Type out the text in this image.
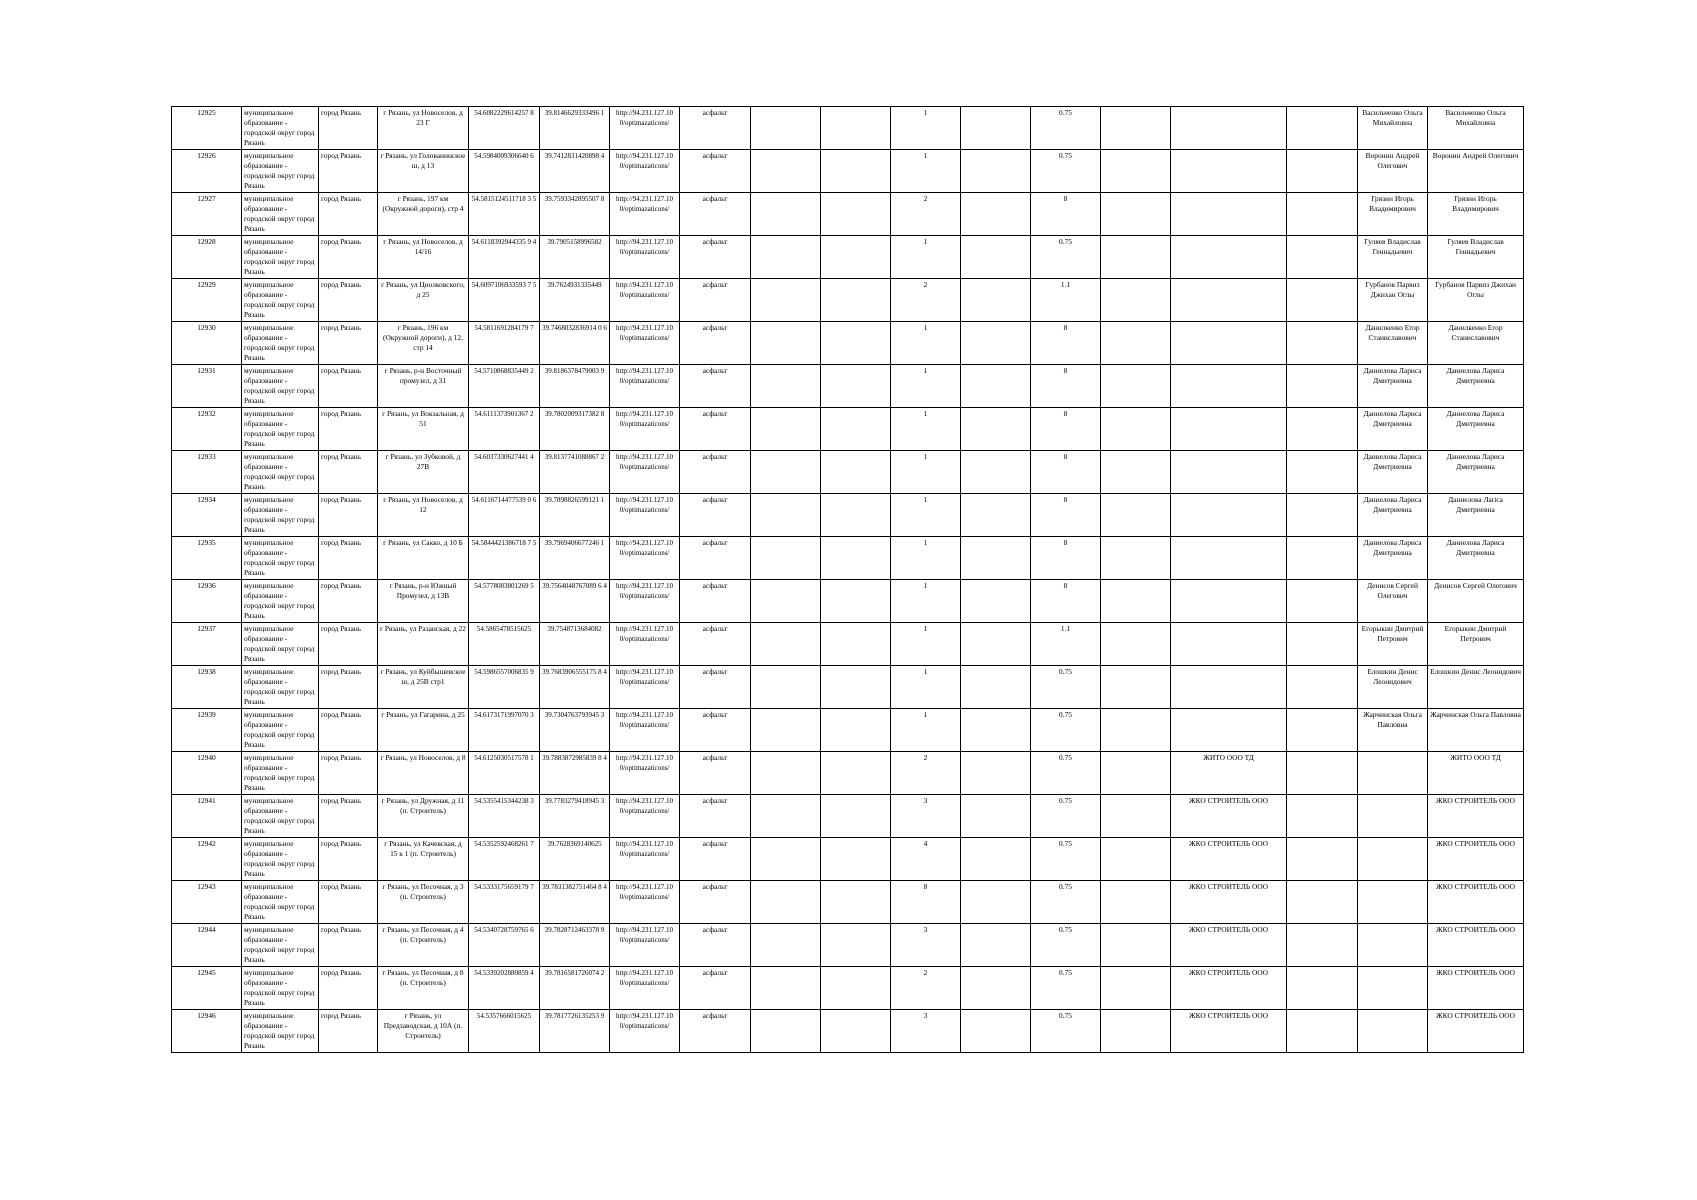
12925	муниципальное образование - городской округ город Рязань	город Рязань	г Рязань, ул Новоселов, д 23 Г	54.6082229614257 8	39.8146629333496 1	http://94.231.127.10 0/optimazaticons/	асфальт			1		0.75				Васильченко Ольга Михайловна	Васильченко Ольга Михайловна
12926	муниципальное образование - городской округ город Рязань	город Рязань	г Рязань, ул Голованинское ш, д 13	54.5984009306640 6	39.7412831420898 4	http://94.231.127.10 0/optimazaticons/	асфальт			1		0.75				Воронин Андрей Олегович	Воронин Андрей Олегович
12927	муниципальное образование - городской округ город Рязань	город Рязань	г Рязань, 197 км (Окружной дороги), стр 4	54.5815124511718 3 5	39.7593342895507 8	http://94.231.127.10 0/optimazaticons/	асфальт			2		8				Грязин Игорь Владимирович	Грязин Игорь Владимирович
12928	муниципальное образование - городской округ город Рязань	город Рязань	г Рязань, ул Новоселов, д 14/16	54.6118392944335 9 4	39.7905158996582	http://94.231.127.10 0/optimazaticons/	асфальт			1		0.75				Гуляев Владислав Геннадьевич	Гуляев Владислав Геннадьевич
12929	муниципальное образование - городской округ город Рязань	город Рязань	г Рязань, ул Циолковского, д 25	54.6097106933593 7 5	39.7624931335449	http://94.231.127.10 0/optimazaticons/	асфальт			2		1.1				Гурбанов Парвиз Джихан Оглы	Гурбанов Парвиз Джихан Оглы
12930	муниципальное образование - городской округ город Рязань	город Рязань	г Рязань, 196 км (Окружной дороги), д 12, стр 14	54.5811691284179 7	39.7468032836914 0 6	http://94.231.127.10 0/optimazaticons/	асфальт			1		8				Данилкенко Егор Станиславович	Данилкенко Егор Станиславович
12931	муниципальное образование - городской округ город Рязань	город Рязань	г Рязань, р-н Восточный промузел, д 31	54.5710868835449 2	39.8186378479003 9	http://94.231.127.10 0/optimazaticons/	асфальт			1		8				Даниелова Лариса Дмитриевна	Даниелова Лариса Дмитриевна
12932	муниципальное образование - городской округ город Рязань	город Рязань	г Рязань, ул Вокзальная, д 51	54.6111373901367 2	39.7802009317382 8	http://94.231.127.10 0/optimazaticons/	асфальт			1		8				Даниелова Лариса Дмитриевна	Даниелова Лариса Дмитриевна
12933	муниципальное образование - городской округ город Рязань	город Рязань	г Рязань, ул Зубковой, д 27В	54.6037330627441 4	39.8137741088867 2	http://94.231.127.10 0/optimazaticons/	асфальт			1		8				Даниелова Лариса Дмитриевна	Даниелова Лариса Дмитриевна
12934	муниципальное образование - городской округ город Рязань	город Рязань	г Рязань, ул Новоселов, д 12	54.6116714477539 0 6	39.7898826599121 1	http://94.231.127.10 0/optimazaticons/	асфальт			1		8				Даниелова Лариса Дмитриевна	Даниелова Лariса Дмитриевна
12935	муниципальное образование - городской округ город Рязань	город Рязань	г Рязань, ул Сакко, д 10 Б	54.5844421386718 7 5	39.7969406677246 1	http://94.231.127.10 0/optimazaticons/	асфальт			1		8				Даниелова Лариса Дмитриевна	Даниелова Лариса Дмитриевна
12936	муниципальное образование - городской округ город Рязань	город Рязань	г Рязань, р-н Южный Промузел, д 13В	54.5778083801269 5	39.7564048767089 6 4	http://94.231.127.10 0/optimazaticons/	асфальт			1		8				Денисов Сергей Олегович	Денисов Сергей Олегович
12937	муниципальное образование - городской округ город Рязань	город Рязань	г Рязань, ул Разанская, д 22	54.5865478515625	39.7548713684082	http://94.231.127.10 0/optimazaticons/	асфальт			1		1.1				Егорыкин Дмитрий Петрович	Егорыкин Дмитрий Петрович
12938	муниципальное образование - городской округ город Рязань	город Рязань	г Рязань, ул Куйбышевское ш, д 25В стр1	54.5986557006835 9	39.7683906555175 8 4	http://94.231.127.10 0/optimazaticons/	асфальт			1		0.75				Елошкин Денис Леонидович	Елошкин Денис Леонидович
12939	муниципальное образование - городской округ город Рязань	город Рязань	г Рязань, ул Гагарина, д 25	54.6173171997070 3	39.7304763793945 3	http://94.231.127.10 0/optimazaticons/	асфальт			1		0.75				Жарчинская Ольга Павловна	Жарчинская Ольга Павловна
12940	муниципальное образование - городской округ город Рязань	город Рязань	г Рязань, ул Новоселов, д 8	54.6125030517578 1	39.7883872985839 8 4	http://94.231.127.10 0/optimazaticons/	асфальт			2		0.75		ЖИТО ООО ТД			ЖИТО ООО ТД
12941	муниципальное образование - городской округ город Рязань	город Рязань	г Рязань, ул Дружная, д 11 (п. Строитель)	54.5355415344238 3	39.7783279418945 3	http://94.231.127.10 0/optimazaticons/	асфальт			3		0.75		ЖКО СТРОИТЕЛЬ ООО			ЖКО СТРОИТЕЛЬ ООО
12942	муниципальное образование - городской округ город Рязань	город Рязань	г Рязань, ул Качевская, д 15 к 1 (п. Строитель)	54.5352592468261 7	39.7628369140625	http://94.231.127.10 0/optimazaticons/	асфальт			4		0.75		ЖКО СТРОИТЕЛЬ ООО			ЖКО СТРОИТЕЛЬ ООО
12943	муниципальное образование - городской округ город Рязань	город Рязань	г Рязань, ул Песочная, д 3 (п. Строитель)	54.5333175659179 7	39.7831382751464 8 4	http://94.231.127.10 0/optimazaticons/	асфальт			8		0.75		ЖКО СТРОИТЕЛЬ ООО			ЖКО СТРОИТЕЛЬ ООО
12944	муниципальное образование - городской округ город Рязань	город Рязань	г Рязань, ул Песочная, д 4 (п. Строитель)	54.5340728759765 6	39.7828712463378 9	http://94.231.127.10 0/optimazaticons/	асфальт			3		0.75		ЖКО СТРОИТЕЛЬ ООО			ЖКО СТРОИТЕЛЬ ООО
12945	муниципальное образование - городской округ город Рязань	город Рязань	г Рязань, ул Песочная, д 8 (п. Строитель)	54.5339202880859 4	39.7816581726074 2	http://94.231.127.10 0/optimazaticons/	асфальт			2		0.75		ЖКО СТРОИТЕЛЬ ООО			ЖКО СТРОИТЕЛЬ ООО
12946	муниципальное образование - городской округ город Рязань	город Рязань	г Рязань, ул Предзаводская, д 10А (п. Строитель)	54.5357666015625	39.7817726135253 9	http://94.231.127.10 0/optimazaticons/	асфальт			3		0.75		ЖКО СТРОИТЕЛЬ ООО			ЖКО СТРОИТЕЛЬ ООО
